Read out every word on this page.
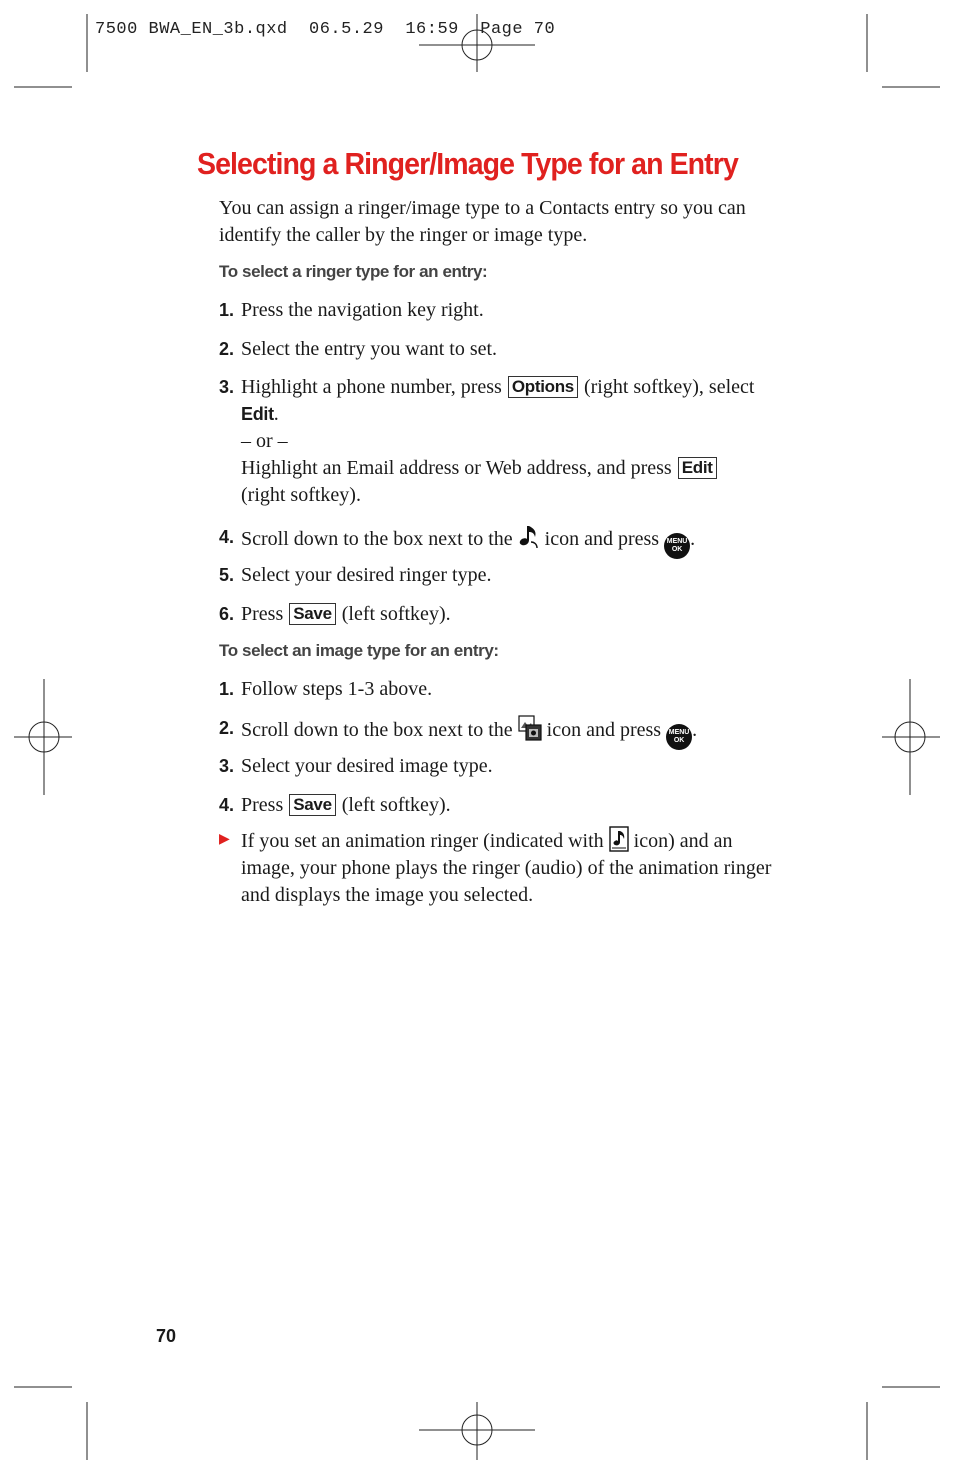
7500 BWA_EN_3b.qxd  06.5.29  16:59  Page 70
Selecting a Ringer/Image Type for an Entry
You can assign a ringer/image type to a Contacts entry so you can identify the caller by the ringer or image type.
To select a ringer type for an entry:
1. Press the navigation key right.
2. Select the entry you want to set.
3. Highlight a phone number, press Options (right softkey), select Edit.
– or –
Highlight an Email address or Web address, and press Edit
(right softkey).
4. Scroll down to the box next to the icon and press MENU
OK .
5. Select your desired ringer type.
6. Press Save (left softkey).
To select an image type for an entry:
1. Follow steps 1-3 above.
2. Scroll down to the box next to the icon and press MENU
OK .
3. Select your desired image type.
4. Press Save (left softkey).
▶ If you set an animation ringer (indicated with icon) and an image, your phone plays the ringer (audio) of the animation ringer and displays the image you selected.
70
